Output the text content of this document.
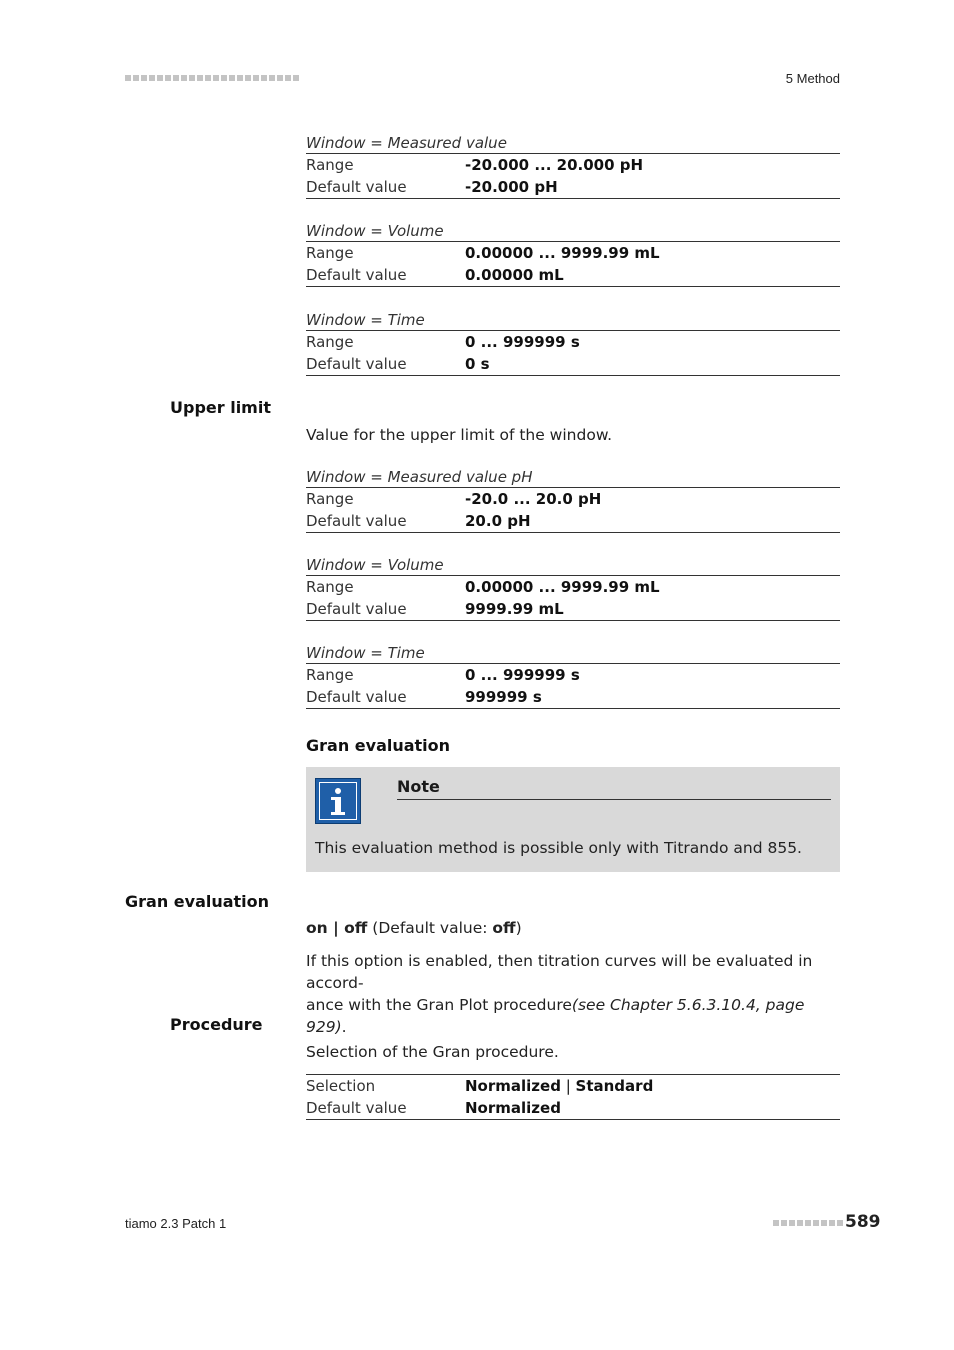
5 Method
Window = Measured value
Range	-20.000 ... 20.000 pH
Default value	-20.000 pH
Window = Volume
Range	0.00000 ... 9999.99 mL
Default value	0.00000 mL
Window = Time
Range	0 ... 999999 s
Default value	0 s
Upper limit
Value for the upper limit of the window.
Window = Measured value pH
Range	-20.0 ... 20.0 pH
Default value	20.0 pH
Window = Volume
Range	0.00000 ... 9999.99 mL
Default value	9999.99 mL
Window = Time
Range	0 ... 999999 s
Default value	999999 s
Gran evaluation
Note
This evaluation method is possible only with Titrando and 855.
Gran evaluation
on | off (Default value: off)
If this option is enabled, then titration curves will be evaluated in accord-
ance with the Gran Plot procedure(see Chapter 5.6.3.10.4, page 929).
Procedure
Selection of the Gran procedure.
Selection	Normalized | Standard
Default value	Normalized
tiamo 2.3 Patch 1	589
